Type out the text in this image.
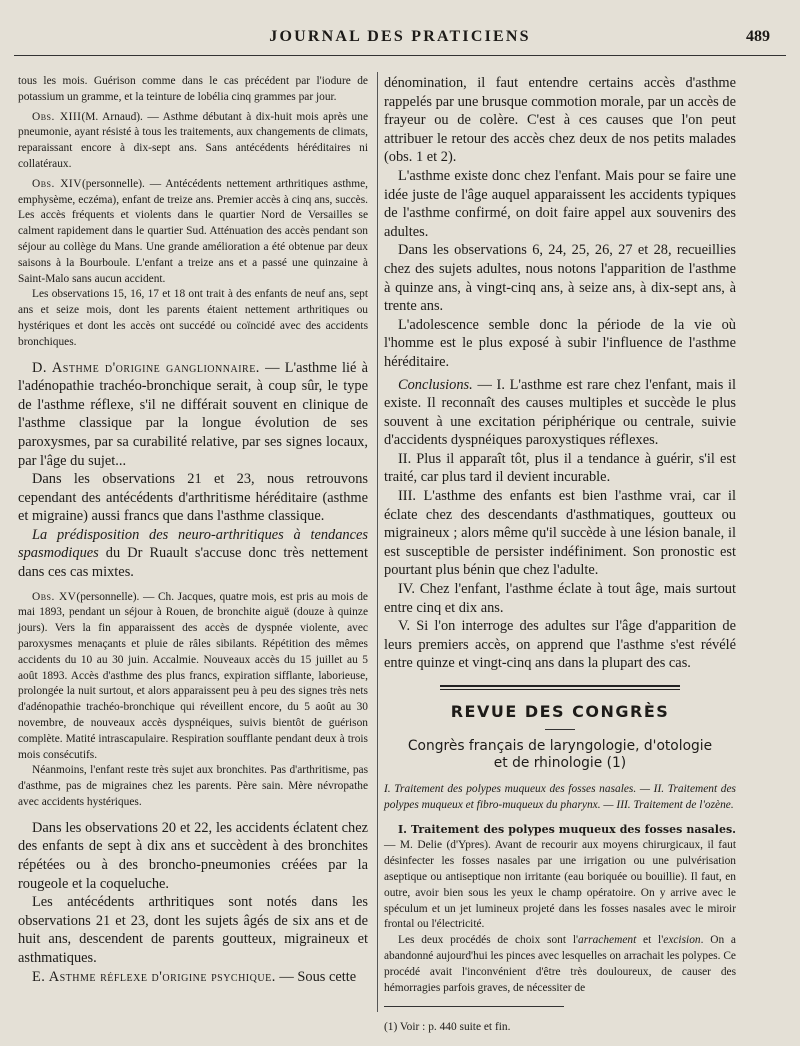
JOURNAL DES PRATICIENS	489

tous les mois. Guérison comme dans le cas précédent par l'iodure de potassium un gramme, et la teinture de lobélia cinq grammes par jour.

Obs. XIII(M. Arnaud). — Asthme débutant à dix-huit mois après une pneumonie, ayant résisté à tous les traitements, aux changements de climats, reparaissant encore à dix-sept ans. Sans antécédents héréditaires ni collatéraux.

Obs. XIV(personnelle). — Antécédents nettement arthritiques asthme, emphysème, eczéma), enfant de treize ans. Premier accès à cinq ans, succès. Les accès fréquents et violents dans le quartier Nord de Versailles se calment rapidement dans le quartier Sud. Atténuation des accès pendant son séjour au collège du Mans. Une grande amélioration a été obtenue par deux saisons à la Bourboule. L'enfant a treize ans et a passé une quinzaine à Saint-Malo sans aucun accident.

Les observations 15, 16, 17 et 18 ont trait à des enfants de neuf ans, sept ans et seize mois, dont les parents étaient nettement arthritiques ou hystériques et dont les accès ont succédé ou coïncidé avec des accidents bronchiques.

D. Asthme d'origine ganglionnaire. — L'asthme lié à l'adénopathie trachéo-bronchique serait, à coup sûr, le type de l'asthme réflexe, s'il ne différait souvent en clinique de l'asthme classique par la longue évolution de ses paroxysmes, par sa curabilité relative, par ses signes locaux, par l'âge du sujet...

Dans les observations 21 et 23, nous retrouvons cependant des antécédents d'arthritisme héréditaire (asthme et migraine) aussi francs que dans l'asthme classique.

La prédisposition des neuro-arthritiques à tendances spasmodiques du Dr Ruault s'accuse donc très nettement dans ces cas mixtes.

Obs. XV(personnelle). — Ch. Jacques, quatre mois, est pris au mois de mai 1893, pendant un séjour à Rouen, de bronchite aiguë (douze à quinze jours). Vers la fin apparaissent des accès de dyspnée violente, avec paroxysmes menaçants et pluie de râles sibilants. Répétition des mêmes accidents du 10 au 30 juin. Accalmie. Nouveaux accès du 15 juillet au 5 août 1893. Accès d'asthme des plus francs, expiration sifflante, laborieuse, prolongée la nuit surtout, et alors apparaissent peu à peu des signes très nets d'adénopathie trachéo-bronchique qui réveillent encore, du 5 août au 30 novembre, de nouveaux accès dyspnéiques, suivis bientôt de guérison complète. Matité intrascapulaire. Respiration soufflante pendant deux à trois mois consécutifs.

Néanmoins, l'enfant reste très sujet aux bronchites. Pas d'arthritisme, pas d'asthme, pas de migraines chez les parents. Père sain. Mère névropathe avec accidents hystériques.

Dans les observations 20 et 22, les accidents éclatent chez des enfants de sept à dix ans et succèdent à des bronchites répétées ou à des broncho-pneumonies créées par la rougeole et la coqueluche.

Les antécédents arthritiques sont notés dans les observations 21 et 23, dont les sujets âgés de six ans et de huit ans, descendent de parents goutteux, migraineux et asthmatiques.

E. Asthme réflexe d'origine psychique. — Sous cette

dénomination, il faut entendre certains accès d'asthme rappelés par une brusque commotion morale, par un accès de frayeur ou de colère. C'est à ces causes que l'on peut attribuer le retour des accès chez deux de nos petits malades (obs. 1 et 2).

L'asthme existe donc chez l'enfant. Mais pour se faire une idée juste de l'âge auquel apparaissent les accidents typiques de l'asthme confirmé, on doit faire appel aux souvenirs des adultes.

Dans les observations 6, 24, 25, 26, 27 et 28, recueillies chez des sujets adultes, nous notons l'apparition de l'asthme à quinze ans, à vingt-cinq ans, à seize ans, à dix-sept ans, à trente ans.

L'adolescence semble donc la période de la vie où l'homme est le plus exposé à subir l'influence de l'asthme héréditaire.

Conclusions. — I. L'asthme est rare chez l'enfant, mais il existe. Il reconnaît des causes multiples et succède le plus souvent à une excitation périphérique ou centrale, suivie d'accidents dyspnéiques paroxystiques réflexes.

II. Plus il apparaît tôt, plus il a tendance à guérir, s'il est traité, car plus tard il devient incurable.

III. L'asthme des enfants est bien l'asthme vrai, car il éclate chez des descendants d'asthmatiques, goutteux ou migraineux ; alors même qu'il succède à une lésion banale, il est susceptible de persister indéfiniment. Son pronostic est pourtant plus bénin que chez l'adulte.

IV. Chez l'enfant, l'asthme éclate à tout âge, mais surtout entre cinq et dix ans.

V. Si l'on interroge des adultes sur l'âge d'apparition de leurs premiers accès, on apprend que l'asthme s'est révélé entre quinze et vingt-cinq ans dans la plupart des cas.

REVUE DES CONGRÈS
Congrès français de laryngologie, d'otologie
et de rhinologie (1)

I. Traitement des polypes muqueux des fosses nasales. — II. Traitement des polypes muqueux et fibro-muqueux du pharynx. — III. Traitement de l'ozène.

I. Traitement des polypes muqueux des fosses nasales. — M. Delie (d'Ypres). Avant de recourir aux moyens chirurgicaux, il faut désinfecter les fosses nasales par une irrigation ou une pulvérisation aseptique ou antiseptique non irritante (eau boriquée ou bouillie). Il faut, en outre, avoir bien sous les yeux le champ opératoire. On y arrive avec le spéculum et un jet lumineux projeté dans les fosses nasales avec le miroir frontal ou l'électricité.

Les deux procédés de choix sont l'arrachement et l'excision. On a abandonné aujourd'hui les pinces avec lesquelles on arrachait les polypes. Ce procédé avait l'inconvénient d'être très douloureux, de causer des hémorragies parfois graves, de nécessiter de

(1) Voir : p. 440 suite et fin.
